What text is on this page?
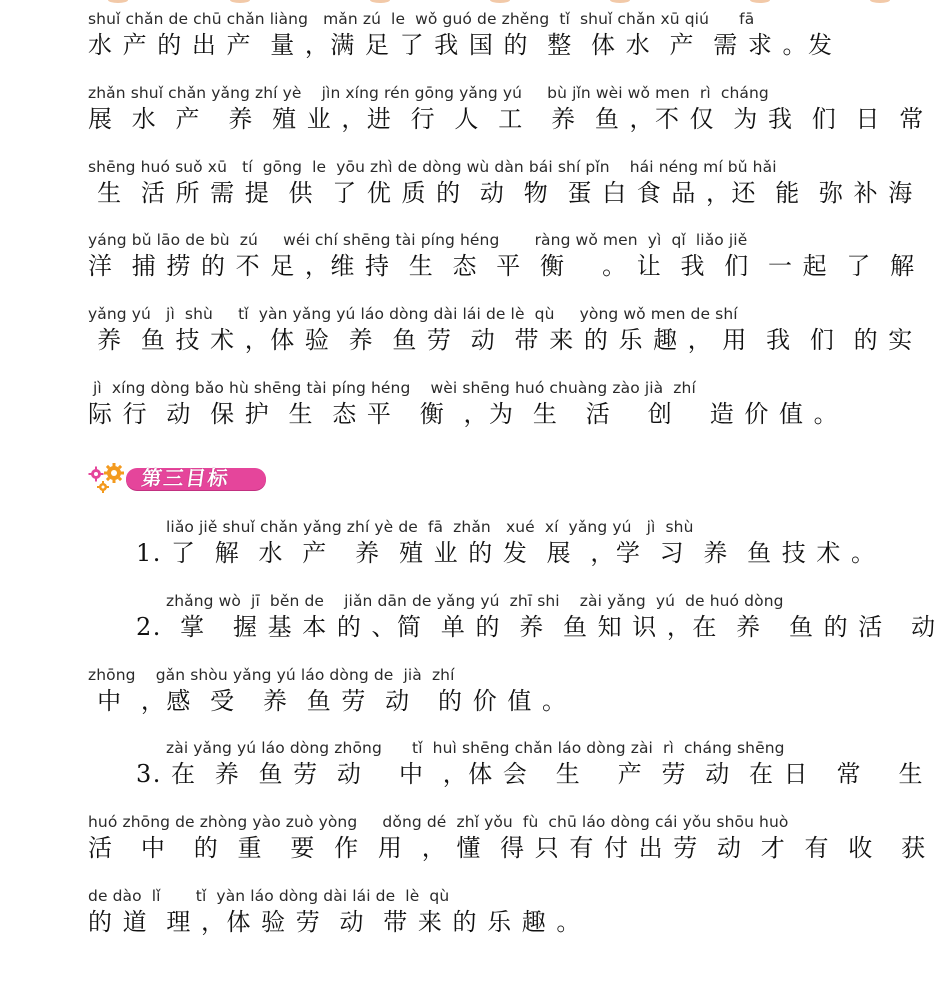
shuǐ chǎn de chū chǎn liàng   mǎn zú  le  wǒ guó de zhěng  tǐ  shuǐ chǎn xū qiú      fā
水 产 的 出 产  量 ，满 足 了 我 国 的  整  体 水  产  需 求 。发
zhǎn shuǐ chǎn yǎng zhí yè    jìn xíng rén gōng yǎng yú     bù jǐn wèi wǒ men  rì  cháng
展  水  产   养  殖 业 ，进  行  人  工   养  鱼 ，不 仅  为 我  们  日  常
shēng huó suǒ xū   tí  gōng  le  yōu zhì de dòng wù dàn bái shí pǐn    hái néng mí bǔ hǎi
生  活 所 需 提  供  了 优 质 的  动  物  蛋 白 食 品 ，还  能  弥 补 海
yáng bǔ lāo de bù  zú     wéi chí shēng tài píng héng       ràng wǒ men  yì  qǐ  liǎo jiě
洋  捕 捞 的 不 足 ，维 持  生  态  平  衡    。 让  我  们  一 起  了  解
yǎng yú   jì  shù     tǐ  yàn yǎng yú láo dòng dài lái de lè  qù     yòng wǒ men de shí
养  鱼 技 术 ，体 验  养  鱼 劳  动  带 来 的 乐 趣 ， 用  我  们  的 实
jì  xíng dòng bǎo hù shēng tài píng héng    wèi shēng huó chuàng zào jià  zhí
际 行  动  保 护  生  态 平   衡  ，为  生   活    创    造 价 值 。
第三目标
liǎo jiě shuǐ chǎn yǎng zhí yè de  fā  zhǎn   xué  xí  yǎng yú   jì  shù
1. 了  解  水  产   养  殖 业 的 发  展  ，学  习  养  鱼 技 术 。
zhǎng wò  jī  běn de    jiǎn dān de yǎng yú  zhī shi    zài yǎng  yú  de huó dòng
2.  掌   握 基 本 的 、简  单 的  养  鱼 知 识 ，在  养   鱼 的 活   动
zhōng    gǎn shòu yǎng yú láo dòng de  jià  zhí
中  ，感  受   养  鱼 劳  动   的 价 值 。
zài yǎng yú láo dòng zhōng      tǐ  huì shēng chǎn láo dòng zài  rì  cháng shēng
3. 在  养  鱼 劳  动    中  ，体 会   生    产  劳  动  在 日   常    生
huó zhōng de zhòng yào zuò yòng     dǒng dé  zhǐ yǒu  fù  chū láo dòng cái yǒu shōu huò
活   中   的  重   要  作  用  ， 懂  得 只 有 付 出 劳  动  才  有  收   获
de dào  lǐ       tǐ  yàn láo dòng dài lái de  lè  qù
的 道  理 ，体 验 劳  动  带 来 的 乐 趣 。
